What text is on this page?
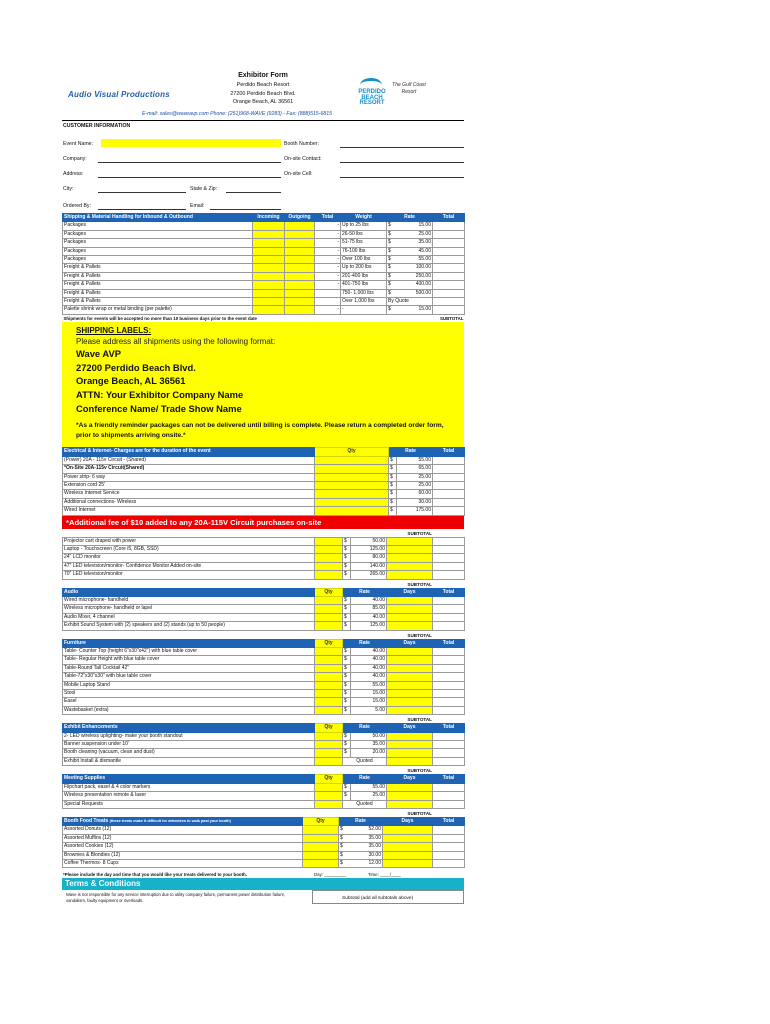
Audio Visual Productions
Exhibitor Form
Perdido Beach Resort
27200 Perdido Beach Blvd.
Orange Beach, AL 36561
PERDIDO
BEACH
RESORT
The Gulf Coast Resort
E-mail: sales@waveavp.com Phone: (251)968-WAVE (9283) - Fax: (888)515-6815
CUSTOMER INFORMATION
Event Name:	Booth Number:
Company:	On-site Contact:
Address:	On-site Cell:
City:	State & Zip:
Ordered By:	Email:
Shipping & Material Handling for Inbound & Outbound	Incoming	Outgoing	Total	Weight	Rate	Total
Packages			-	Up to 25 lbs	$ 15.00	

Packages			-	26-50 lbs	$ 25.00	

Packages			-	51-75 lbs	$ 35.00	

Packages			-	76-100 lbs	$ 45.00	

Packages			-	Over 100 lbs	$ 55.00	

Freight & Pallets			-	Up to 200 lbs	$ 100.00	

Freight & Pallets			-	201-400 lbs	$ 250.00	

Freight & Pallets			-	401-750 lbs	$ 400.00	

Freight & Pallets				750- 1,000 lbs	$ 500.00	

Freight & Pallets				Over 1,000 lbs	By Quote	

Palette shrink wrap or metal binding (per palette)			-	-	$ 15.00	

Shipments for events will be accepted no more than 10 business days prior to the event date					SUBTOTAL	
SHIPPING LABELS:
Please address all shipments using the following format:
Wave AVP
27200 Perdido Beach Blvd.
Orange Beach, AL 36561
ATTN: Your Exhibitor Company Name
Conference Name/ Trade Show Name
*As a friendly reminder packages can not be delivered until billing is complete. Please return a completed order form, prior to shipments arriving onsite.*
Electrical & Internet- Charges are for the duration of the event	Qty	Rate		Total
(Power) 20A - 115v Circuit - (Shared)		$	55.00	
*On-Site 20A-115v Circuit(Shared)		$	65.00	
Power strip- 6 way		$	25.00	
Extension cord 25'		$	25.00	
Wireless Internet Service		$	60.00	
Additional connections- Wireless		$	30.00	
Wired Internet		$	175.00	
*Additional fee of $10 added to any 20A-115V Circuit purchases on-site
SUBTOTAL
Projector cart draped with power		$	50.00		
Laptop - Touchscreen (Core i5, 8GB, SSD)		$	125.00		
24" LCD monitor		$	80.00		
47" LED television/monitor- Confidence Monitor Added on-site		$	140.00		
70" LED television/monitor		$	265.00		
SUBTOTAL
Audio	Qty	Rate		Days	Total
Wired microphone- handheld		$	40.00		
Wireless microphone- handheld or lapel		$	85.00		
Audio Mixer, 4 channel		$	40.00		
Exhibit Sound System with (2) speakers and (2) stands (up to 50 people)		$	125.00		
SUBTOTAL
Furniture	Qty	Rate		Days	Total
Table- Counter Top (height 6"x30"x42") with blue table cover		$	40.00		
Table- Regular Height with blue table cover		$	40.00		
Table-Round Tall Cocktail 42"		$	40.00		
Table-72"x30"x30" with blue table cover		$	40.00		
Mobile Laptop Stand		$	55.00		
Stool		$	15.00		
Easel		$	15.00		
Wastebasket (extra)		$	5.00		
SUBTOTAL
Exhibit Enhancements	Qty	Rate		Days	Total
2- LED wireless uplighting- make your booth standout		$	50.00		
Banner suspension under 10'		$	35.00		
Booth cleaning (vacuum, clean and dust)		$	20.00		
Exhibit Install & dismantle		Quoted			
SUBTOTAL
Meeting Supplies	Qty	Rate		Days	Total
Flipchart pack, easel & 4 color markers		$	55.00		
Wireless presentation remote & laser		$	25.00		
Special Requests		Quoted			
SUBTOTAL
Booth Food Treats (these treats make it difficult for attendees to walk past your booth)	Qty	Rate	Days	Total
Assorted Donuts (12)		$ 52.00		

Assorted Muffins (12)		$ 35.00		

Assorted Cookies (12)		$ 35.00		

Brownies & Blondies (12)		$ 30.00		

Coffee Thermos- 8 Cups		$ 12.00		

*Please include the day and time that you would like your treats delivered to your booth.	Day: _________	Time: ____/____
Terms & Conditions
Wave is not responsible for any service interruption due to utility company failure, permanent power distribution failure, vandalism, faulty equipment or overloads.	Subtotal (add all subtotals above)
